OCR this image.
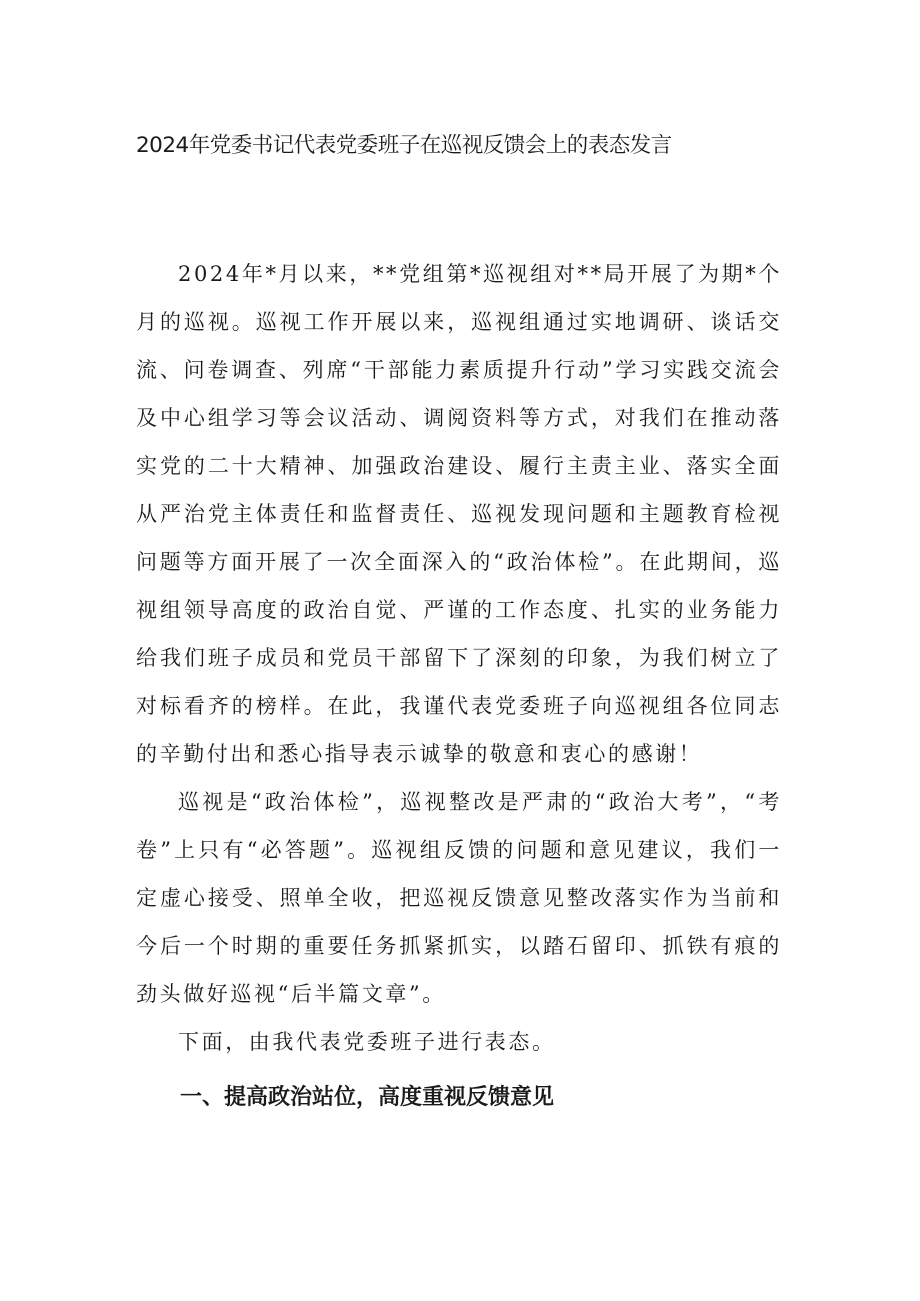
2024年党委书记代表党委班子在巡视反馈会上的表态发言

2024年*月以来，**党组第*巡视组对**局开展了为期*个月的巡视。巡视工作开展以来，巡视组通过实地调研、谈话交流、问卷调查、列席“干部能力素质提升行动”学习实践交流会及中心组学习等会议活动、调阅资料等方式，对我们在推动落实党的二十大精神、加强政治建设、履行主责主业、落实全面从严治党主体责任和监督责任、巡视发现问题和主题教育检视问题等方面开展了一次全面深入的“政治体检”。在此期间，巡视组领导高度的政治自觉、严谨的工作态度、扎实的业务能力给我们班子成员和党员干部留下了深刻的印象，为我们树立了对标看齐的榜样。在此，我谨代表党委班子向巡视组各位同志的辛勤付出和悉心指导表示诚挚的敬意和衷心的感谢！

巡视是“政治体检”，巡视整改是严肃的“政治大考”，“考卷”上只有“必答题”。巡视组反馈的问题和意见建议，我们一定虚心接受、照单全收，把巡视反馈意见整改落实作为当前和今后一个时期的重要任务抓紧抓实，以踏石留印、抓铁有痕的劲头做好巡视“后半篇文章”。

下面，由我代表党委班子进行表态。

一、提高政治站位，高度重视反馈意见
